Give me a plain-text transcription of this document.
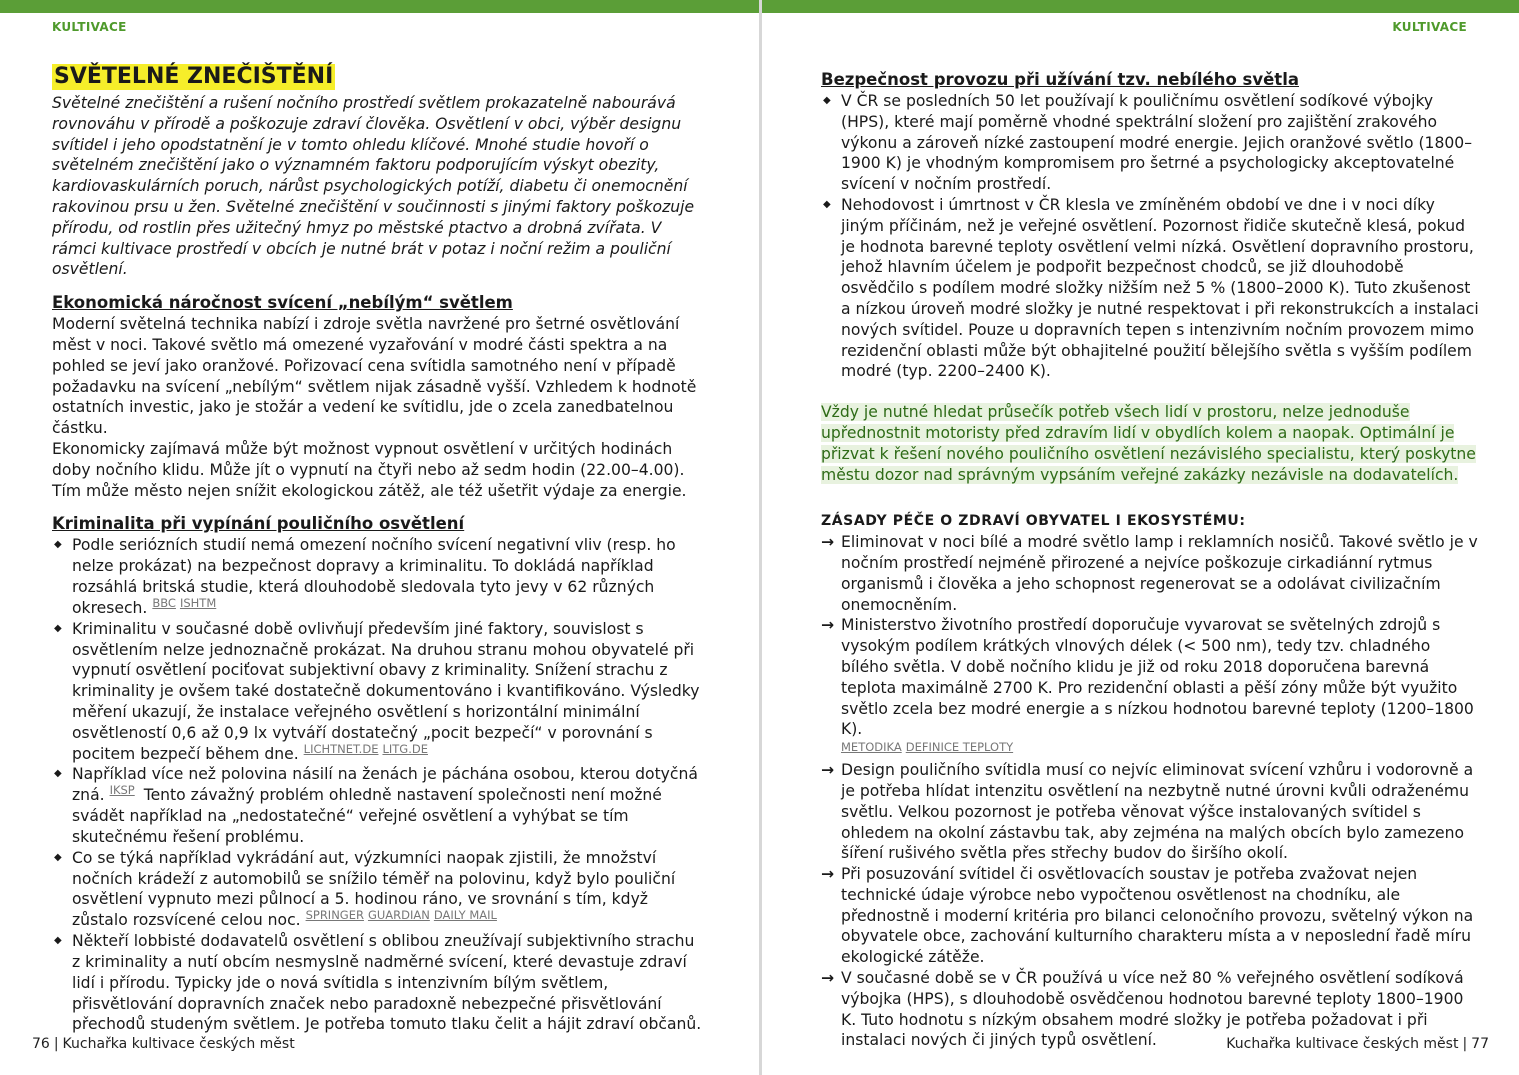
KULTIVACE
SVĚTELNÉ ZNEČIŠTĚNÍ

Světelné znečištění a rušení nočního prostředí světlem prokazatelně nabourává rovnováhu v přírodě a poškozuje zdraví člověka. Osvětlení v obci, výběr designu svítidel i jeho opodstatnění je v tomto ohledu klíčové. Mnohé studie hovoří o světelném znečištění jako o významném faktoru podporujícím výskyt obezity, kardiovaskulárních poruch, nárůst psychologických potíží, diabetu či onemocnění rakovinou prsu u žen. Světelné znečištění v součinnosti s jinými faktory poškozuje přírodu, od rostlin přes užitečný hmyz po městské ptactvo a drobná zvířata. V rámci kultivace prostředí v obcích je nutné brát v potaz i noční režim a pouliční osvětlení.

Ekonomická náročnost svícení „nebílým“ světlem

Moderní světelná technika nabízí i zdroje světla navržené pro šetrné osvětlování měst v noci. Takové světlo má omezené vyzařování v modré části spektra a na pohled se jeví jako oranžové. Pořizovací cena svítidla samotného není v případě požadavku na svícení „nebílým“ světlem nijak zásadně vyšší. Vzhledem k hodnotě ostatních investic, jako je stožár a vedení ke svítidlu, jde o zcela zanedbatelnou částku.

Ekonomicky zajímavá může být možnost vypnout osvětlení v určitých hodinách doby nočního klidu. Může jít o vypnutí na čtyři nebo až sedm hodin (22.00–4.00). Tím může město nejen snížit ekologickou zátěž, ale též ušetřit výdaje za energie.

Kriminalita při vypínání pouličního osvětlení
◆ Podle seriózních studií nemá omezení nočního svícení negativní vliv (resp. ho nelze prokázat) na bezpečnost dopravy a kriminalitu. To dokládá například rozsáhlá britská studie, která dlouhodobě sledovala tyto jevy v 62 různých okresech. $^{BBC ISHTM}$
◆ Kriminalitu v současné době ovlivňují především jiné faktory, souvislost s osvětlením nelze jednoznačně prokázat. Na druhou stranu mohou obyvatelé při vypnutí osvětlení pociťovat subjektivní obavy z kriminality. Snížení strachu z kriminality je ovšem také dostatečně dokumentováno i kvantifikováno. Výsledky měření ukazují, že instalace veřejného osvětlení s horizontální minimální osvětleností 0,6 až 0,9 lx vytváří dostatečný „pocit bezpečí“ v porovnání s pocitem bezpečí během dne. $^{LICHTNET.DE LITG.DE}$
◆ Například více než polovina násilí na ženách je páchána osobou, kterou dotyčná zná. $^{IKSP}$ Tento závažný problém ohledně nastavení společnosti není možné svádět například na „nedostatečné“ veřejné osvětlení a vyhýbat se tím skutečnému řešení problému.
◆ Co se týká například vykrádání aut, výzkumníci naopak zjistili, že množství nočních krádeží z automobilů se snížilo téměř na polovinu, když bylo pouliční osvětlení vypnuto mezi půlnocí a 5. hodinou ráno, ve srovnání s tím, když zůstalo rozsvícené celou noc. $^{SPRINGER GUARDIAN DAILY MAIL}$
◆ Někteří lobbisté dodavatelů osvětlení s oblibou zneužívají subjektivního strachu z kriminality a nutí obcím nesmyslně nadměrné svícení, které devastuje zdraví lidí i přírodu. Typicky jde o nová svítidla s intenzivním bílým světlem, přisvětlování dopravních značek nebo paradoxně nebezpečné přisvětlování přechodů studeným světlem. Je potřeba tomuto tlaku čelit a hájit zdraví občanů.
76 | Kuchařka kultivace českých měst
KULTIVACE
Bezpečnost provozu při užívání tzv. nebílého světla
◆ V ČR se posledních 50 let používají k pouličnímu osvětlení sodíkové výbojky (HPS), které mají poměrně vhodné spektrální složení pro zajištění zrakového výkonu a zároveň nízké zastoupení modré energie. Jejich oranžové světlo (1800–1900 K) je vhodným kompromisem pro šetrné a psychologicky akceptovatelné svícení v nočním prostředí.
◆ Nehodovost i úmrtnost v ČR klesla ve zmíněném období ve dne i v noci díky jiným příčinám, než je veřejné osvětlení. Pozornost řidiče skutečně klesá, pokud je hodnota barevné teploty osvětlení velmi nízká. Osvětlení dopravního prostoru, jehož hlavním účelem je podpořit bezpečnost chodců, se již dlouhodobě osvědčilo s podílem modré složky nižším než 5 % (1800–2000 K). Tuto zkušenost a nízkou úroveň modré složky je nutné respektovat i při rekonstrukcích a instalaci nových svítidel. Pouze u dopravních tepen s intenzivním nočním provozem mimo rezidenční oblasti může být obhajitelné použití bělejšího světla s vyšším podílem modré (typ. 2200–2400 K).

Vždy je nutné hledat průsečík potřeb všech lidí v prostoru, nelze jednoduše upřednostnit motoristy před zdravím lidí v obydlích kolem a naopak. Optimální je přizvat k řešení nového pouličního osvětlení nezávislého specialistu, který poskytne městu dozor nad správným vypsáním veřejné zakázky nezávisle na dodavatelích.

ZÁSADY PÉČE O ZDRAVÍ OBYVATEL I EKOSYSTÉMU:
→ Eliminovat v noci bílé a modré světlo lamp i reklamních nosičů. Takové světlo je v nočním prostředí nejméně přirozené a nejvíce poškozuje cirkadiánní rytmus organismů i člověka a jeho schopnost regenerovat se a odolávat civilizačním onemocněním.
→ Ministerstvo životního prostředí doporučuje vyvarovat se světelných zdrojů s vysokým podílem krátkých vlnových délek (< 500 nm), tedy tzv. chladného bílého světla. V době nočního klidu je již od roku 2018 doporučena barevná teplota maximálně 2700 K. Pro rezidenční oblasti a pěší zóny může být využito světlo zcela bez modré energie a s nízkou hodnotou barevné teploty (1200–1800 K).
METODIKA DEFINICE TEPLOTY
→ Design pouličního svítidla musí co nejvíc eliminovat svícení vzhůru i vodorovně a je potřeba hlídat intenzitu osvětlení na nezbytně nutné úrovni kvůli odraženému světlu. Velkou pozornost je potřeba věnovat výšce instalovaných svítidel s ohledem na okolní zástavbu tak, aby zejména na malých obcích bylo zamezeno šíření rušivého světla přes střechy budov do širšího okolí.
→ Při posuzování svítidel či osvětlovacích soustav je potřeba zvažovat nejen technické údaje výrobce nebo vypočtenou osvětlenost na chodníku, ale přednostně i moderní kritéria pro bilanci celonočního provozu, světelný výkon na obyvatele obce, zachování kulturního charakteru místa a v neposlední řadě míru ekologické zátěže.
→ V současné době se v ČR používá u více než 80 % veřejného osvětlení sodíková výbojka (HPS), s dlouhodobě osvědčenou hodnotou barevné teploty 1800–1900 K. Tuto hodnotu s nízkým obsahem modré složky je potřeba požadovat i při instalaci nových či jiných typů osvětlení.	Kuchařka kultivace českých měst | 77
